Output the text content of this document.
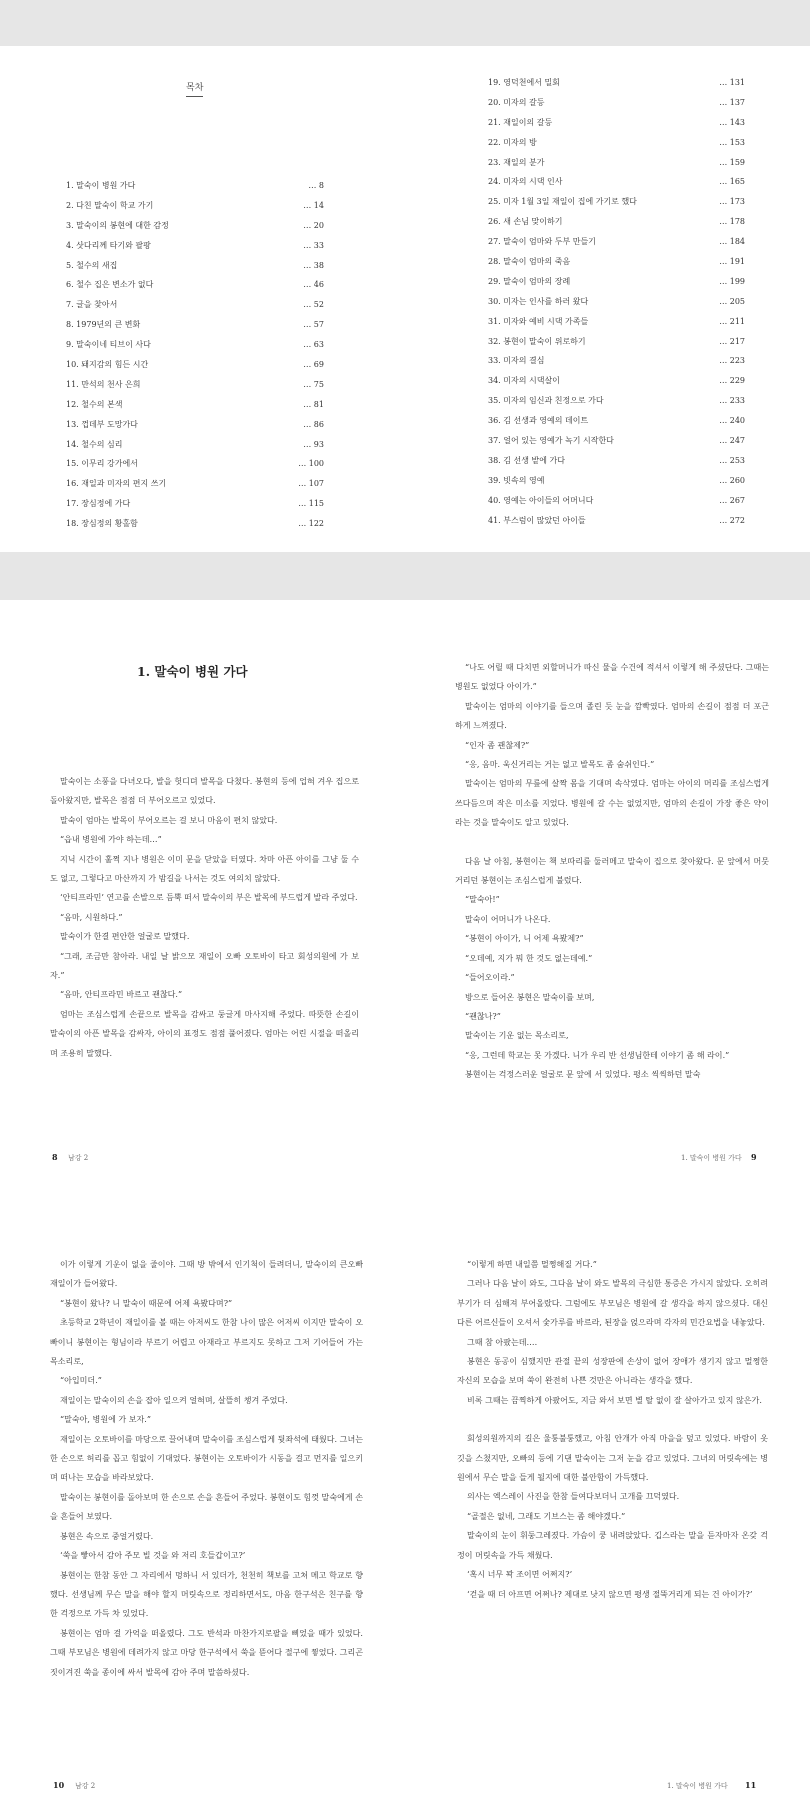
목차
1. 말숙이 병원 가다	… 8
2. 다친 말숙이 학교 가기	… 14
3. 말숙이의 봉현에 대한 감정	… 20
4. 삿다리께 타기와 팔팡	… 33
5. 철수의 새집	… 38
6. 철수 집은 변소가 없다	… 46
7. 글을 찾아서	… 52
8. 1979년의 큰 변화	… 57
9. 말숙이네 티브이 사다	… 63
10. 돼지감의 힘든 시간	… 69
11. 만석의 천사 은희	… 75
12. 철수의 본색	… 81
13. 껍데부 도망가다	… 86
14. 철수의 심리	… 93
15. 이무리 강가에서	… 100
16. 재일과 미자의 편지 쓰기	… 107
17. 장심정에 가다	… 115
18. 장심정의 황홀함	… 122
19. 영덕천에서 밀회	… 131
20. 미자의 갈등	… 137
21. 재일이의 갈등	… 143
22. 미자의 방	… 153
23. 재일의 분가	… 159
24. 미자의 시댁 인사	… 165
25. 미자 1월 3일 재일이 집에 가기로 했다	… 173
26. 새 손님 맞이하기	… 178
27. 말숙이 엄마와 두부 만들기	… 184
28. 말숙이 엄마의 죽음	… 191
29. 말숙이 엄마의 장례	… 199
30. 미자는 인사를 하러 왔다	… 205
31. 미자와 예비 시댁 가족들	… 211
32. 봉현이 말숙이 위로하기	… 217
33. 미자의 결심	… 223
34. 미자의 시댁살이	… 229
35. 미자의 임신과 친정으로 가다	… 233
36. 김 선생과 영예의 데이트	… 240
37. 얼어 있는 영예가 녹기 시작한다	… 247
38. 김 선생 밭에 가다	… 253
39. 빗속의 영예	… 260
40. 영예는 아이들의 어머니다	… 267
41. 부스럼이 많았던 아이들	… 272
1. 말숙이 병원 가다

말숙이는 소풍을 다녀오다, 발을 헛디뎌 발목을 다쳤다. 봉현의 등에 업혀 겨우 집으로 돌아왔지만, 발목은 점점 더 부어오르고 있었다.

말숙이 엄마는 발목이 부어오르는 걸 보니 마음이 편치 않았다.

“읍내 병원에 가야 하는데…”

지닉 시간이 훌쩍 지나 병원은 이미 문을 닫았을 터였다. 차마 아픈 아이를 그냥 둘 수도 없고, 그렇다고 마산까지 가 밤길을 나서는 것도 여의치 않았다.

‘안티프라민’ 연고를 손발으로 듬뿍 떠서 말숙이의 부은 발목에 부드럽게 발라 주었다.

“음마, 시원하다.”

말숙이가 한결 편안한 얼굴로 말했다.

“그래, 조금만 참아라. 내일 날 밝으모 재일이 오빠 오토바이 타고 회성의원에 가 보자.”

“음마, 안티프라민 바르고 괜찮다.”

엄마는 조심스럽게 손끝으로 발목을 감싸고 둥글게 마사지해 주었다. 따뜻한 손길이 말숙이의 아픈 발목을 감싸자, 아이의 표정도 점점 풀어졌다. 엄마는 어린 시절을 떠올리며 조용히 말했다.

8 남강 2

“나도 어릴 때 다치면 외할머니가 따신 물을 수건에 적셔서 이렇게 해 주셨단다. 그때는 병원도 없었다 아이가.”

말숙이는 엄마의 이야기를 들으며 졸린 듯 눈을 깜빡였다. 엄마의 손길이 점점 더 포근하게 느껴졌다.

“인자 좀 괜찮제?”

“응, 음마. 욱신거리는 거는 없고 발목도 좀 숨쉬인다.”

말숙이는 엄마의 무릎에 살짝 몸을 기대며 속삭였다. 엄마는 아이의 머리를 조심스럽게 쓰다듬으며 작은 미소를 지었다. 병원에 갈 수는 없었지만, 엄마의 손길이 가장 좋은 약이라는 것을 말숙이도 알고 있었다.

다음 날 아침, 봉현이는 책 보따리를 둘러메고 말숙이 집으로 찾아왔다. 문 앞에서 머뭇거리던 봉현이는 조심스럽게 불렀다.

“말숙아!”

말숙이 어머니가 나온다.

“봉현이 아이가, 니 어제 욕봤제?”

“오데예, 지가 뭐 한 것도 없는데예.”

“들어오이라.”

방으로 들어온 봉현은 말숙이를 보며,

“괜찮나?”

말숙이는 기운 없는 목소리로,

“응, 그런데 학교는 못 가겠다. 니가 우리 반 선생님한테 이야기 좀 해 라이.”

봉현이는 걱정스러운 얼굴로 문 앞에 서 있었다. 평소 씩씩하던 말숙

1. 말숙이 병원 가다 9

이가 이렇게 기운이 없을 줄이야. 그때 방 밖에서 인기척이 들려더니, 말숙이의 큰오빠 재일이가 들어왔다.

“봉현이 왔나? 니 말숙이 때문에 어제 욕봤다며?”

초등학교 2학년이 재일이를 볼 때는 아저씨도 한참 나이 많은 어저씨 이지만 말숙이 오빠이니 봉현이는 형님이라 부르기 어렵고 아재라고 부르지도 못하고 그저 기어들어 가는 목소리로,

“아입미더.”

재일이는 말숙이의 손을 잡아 일으켜 얼혀며, 살뜰히 챙겨 주었다.

“말숙아, 병원에 가 보자.”

재일이는 오토바이를 마당으로 끌어내며 말숙이를 조심스럽게 뒷좌석에 태웠다. 그녀는 한 손으로 허리를 꼽고 힘없이 기대었다. 봉현이는 오토바이가 시동을 걸고 먼지를 일으키며 떠나는 모습을 바라보았다.

말숙이는 봉현이를 돌아보며 한 손으로 손을 흔들어 주었다. 봉현이도 힘껏 말숙에게 손을 흔들어 보였다.

봉현은 속으로 중얼거렸다.

‘쑥을 빻아서 감아 주모 빌 것을 와 저리 호들갑이고?’

봉현이는 한참 동안 그 자리에서 멍하니 서 있더가, 천천히 책보를 고쳐 메고 학교로 향했다. 선생님께 무슨 말을 해야 할지 머릿속으로 정리하면서도, 마음 한구석은 친구를 향한 걱정으로 가득 차 있었다.

봉현이는 엄마 걸 가억을 떠올렸다. 그도 반석과 마찬가지로팔을 삐었을 때가 있었다. 그때 부모님은 병원에 데려가지 않고 마당 한구석에서 쑥을 뜯어다 절구에 찧었다. 그리곤 짓이겨진 쑥을 종이에 싸서 발목에 감아 주며 말씀하셨다.

10 남강 2

“이렇게 하면 내일쯤 멀쩡해질 거다.”

그러나 다음 날이 와도, 그다음 날이 와도 발목의 극심한 통증은 가시지 않았다. 오히려 부기가 더 심해져 부어올랐다. 그럼에도 부모님은 병원에 갈 생각을 하지 않으셨다. 대신 다른 어르신들이 오셔서 숯가루를 바르라, 된장을 얹으라며 각자의 민간요법을 내놓았다.

그때 참 아팠는데….

봉현은 동공이 심했지만 관절 끝의 성장판에 손상이 없어 장애가 생기지 않고 멀쩡한 자신의 모습을 보며 쑥이 완전히 나쁜 것만은 아니라는 생각을 했다.

비록 그때는 끔찍하게 아팠어도, 지금 와서 보면 별 탈 없이 잘 살아가고 있지 않은가.

회성의원까지의 길은 울퉁불퉁했고, 아침 안개가 아직 마을을 덮고 있었다. 바람이 옷깃을 스쳤지만, 오빠의 등에 기댄 말숙이는 그저 눈을 감고 있었다. 그녀의 머릿속에는 병원에서 무슨 말을 들게 될지에 대한 불안함이 가득했다.

의사는 엑스레이 사진을 한참 들여다보더니 고개를 끄덕였다.

“골절은 없네, 그래도 기브스는 좀 해야겠다.”

말숙이의 눈이 휘둥그레졌다. 가슴이 쿵 내려앉았다. 깁스라는 말을 듣자마자 온갖 걱정이 머릿속을 가득 채웠다.

‘혹시 너무 꽉 조이면 어쩌지?’

‘걷을 때 더 아프면 어쩌나? 제대로 낫지 않으면 평생 절뚝거리게 되는 건 아이가?’

1. 말숙이 병원 가다 11
